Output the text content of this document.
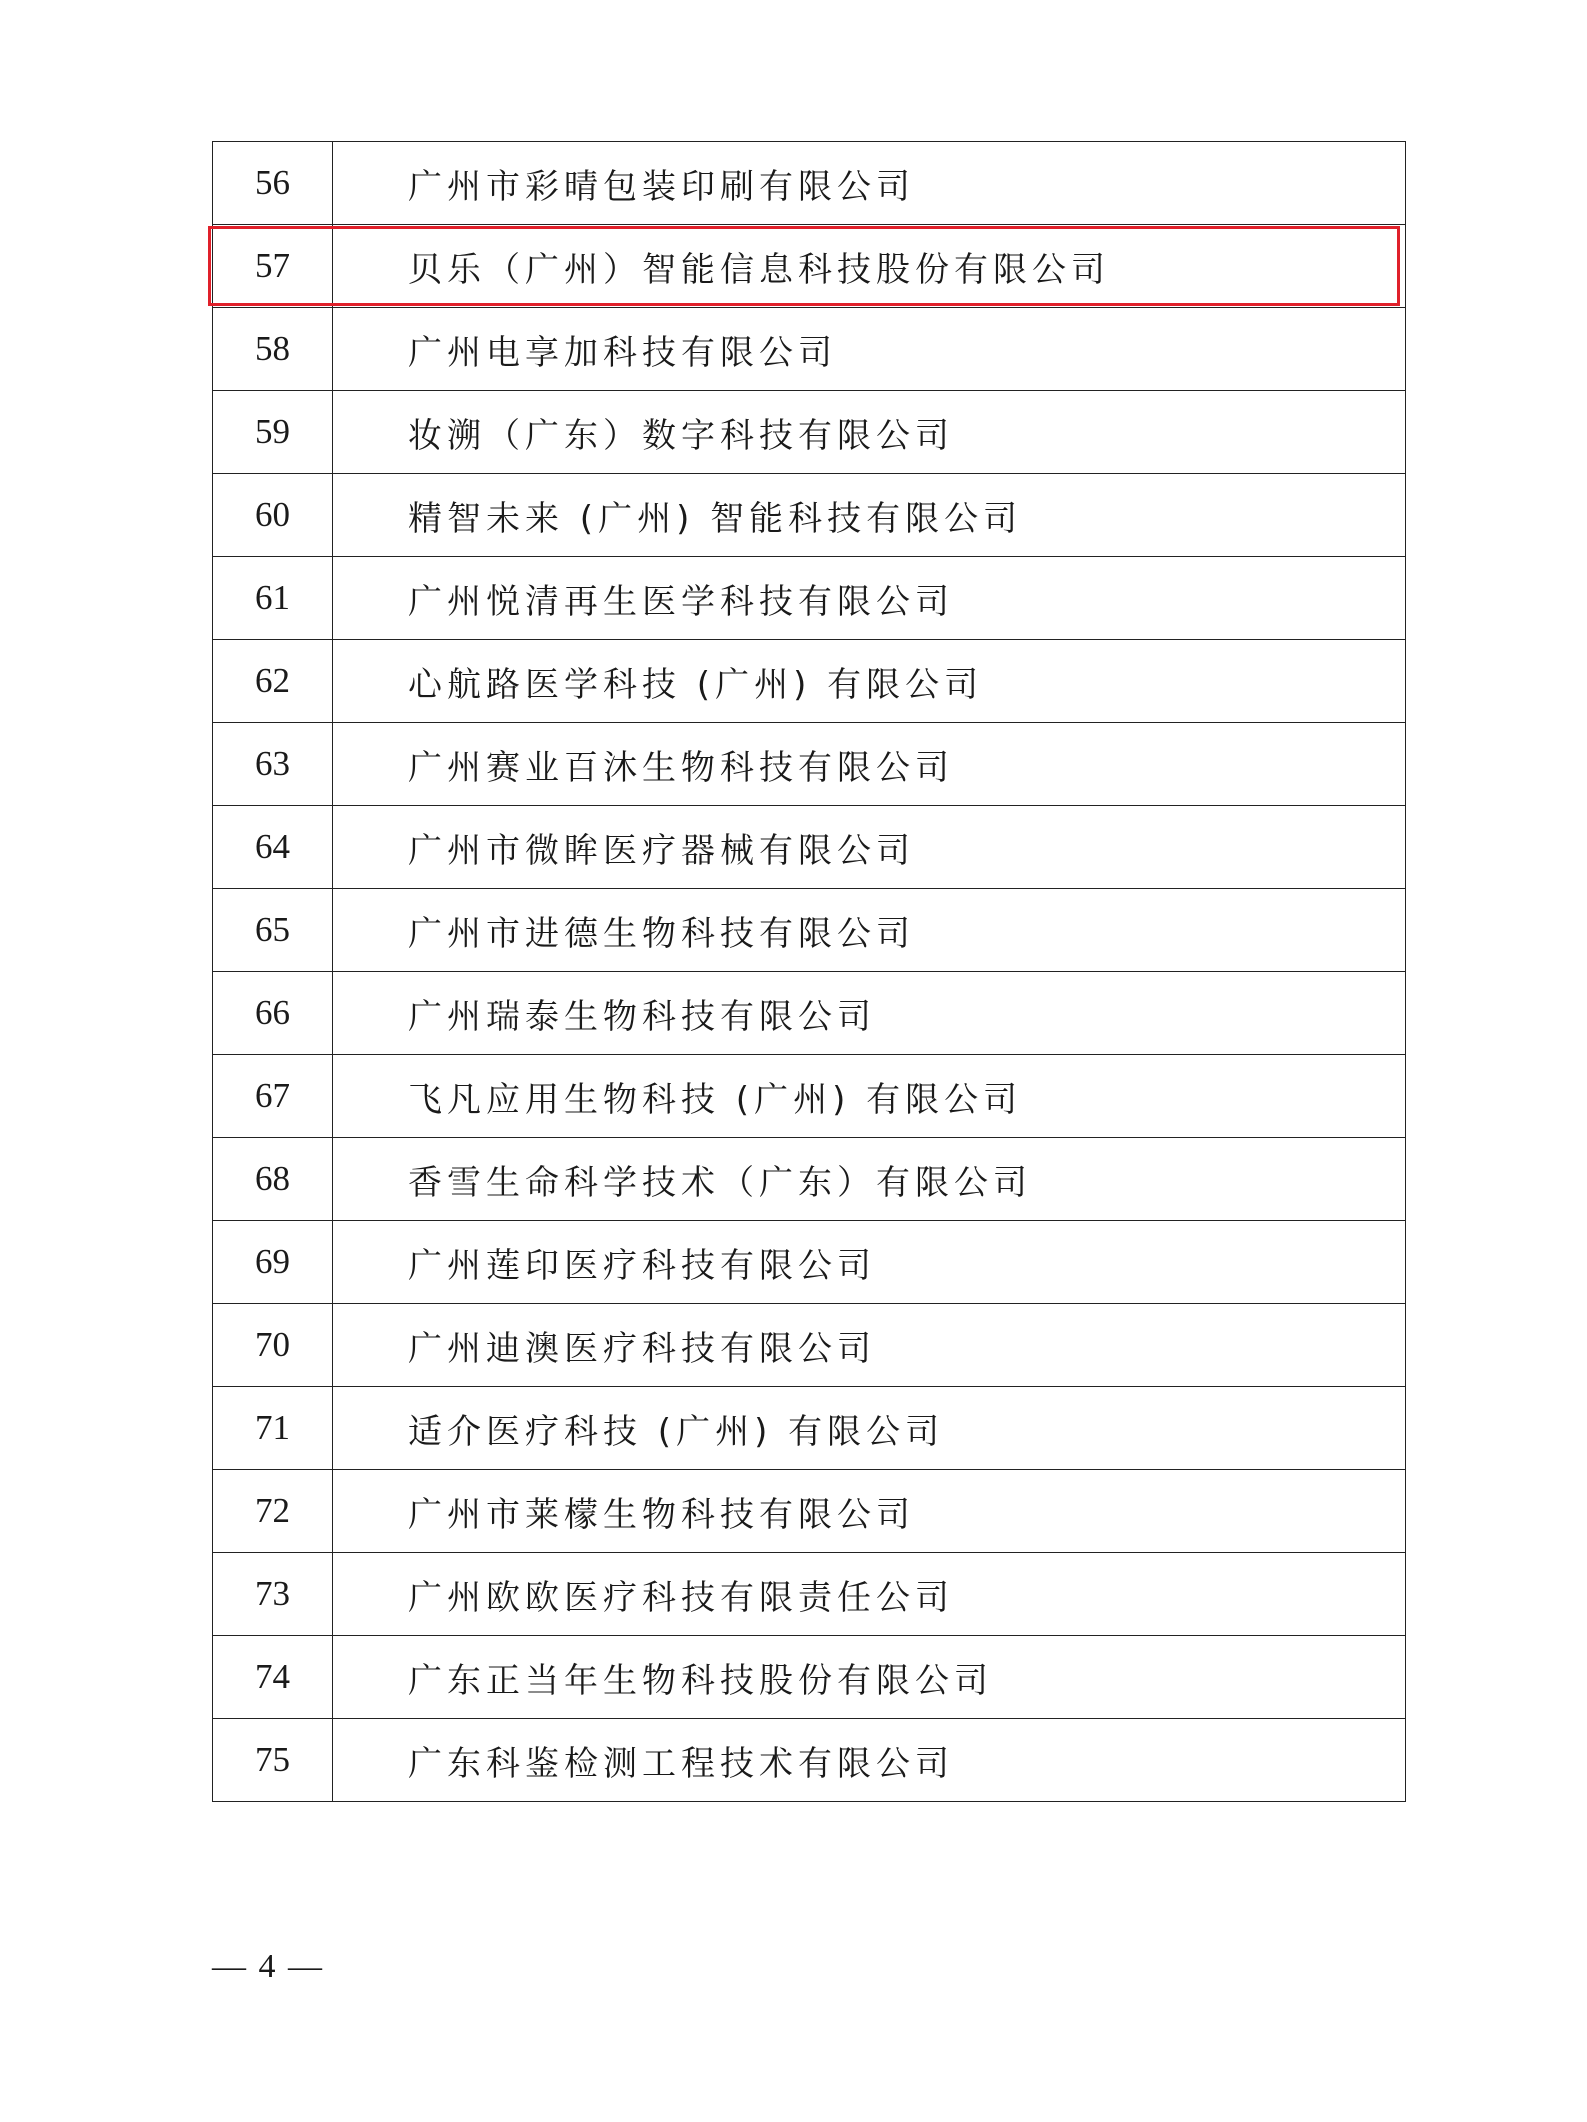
56	广州市彩晴包装印刷有限公司
57	贝乐（广州）智能信息科技股份有限公司
58	广州电享加科技有限公司
59	妆溯（广东）数字科技有限公司
60	精智未来 (广州) 智能科技有限公司
61	广州悦清再生医学科技有限公司
62	心航路医学科技 (广州) 有限公司
63	广州赛业百沐生物科技有限公司
64	广州市微眸医疗器械有限公司
65	广州市进德生物科技有限公司
66	广州瑞泰生物科技有限公司
67	飞凡应用生物科技 (广州) 有限公司
68	香雪生命科学技术（广东）有限公司
69	广州莲印医疗科技有限公司
70	广州迪澳医疗科技有限公司
71	适介医疗科技 (广州) 有限公司
72	广州市莱檬生物科技有限公司
73	广州欧欧医疗科技有限责任公司
74	广东正当年生物科技股份有限公司
75	广东科鉴检测工程技术有限公司
— 4 —
